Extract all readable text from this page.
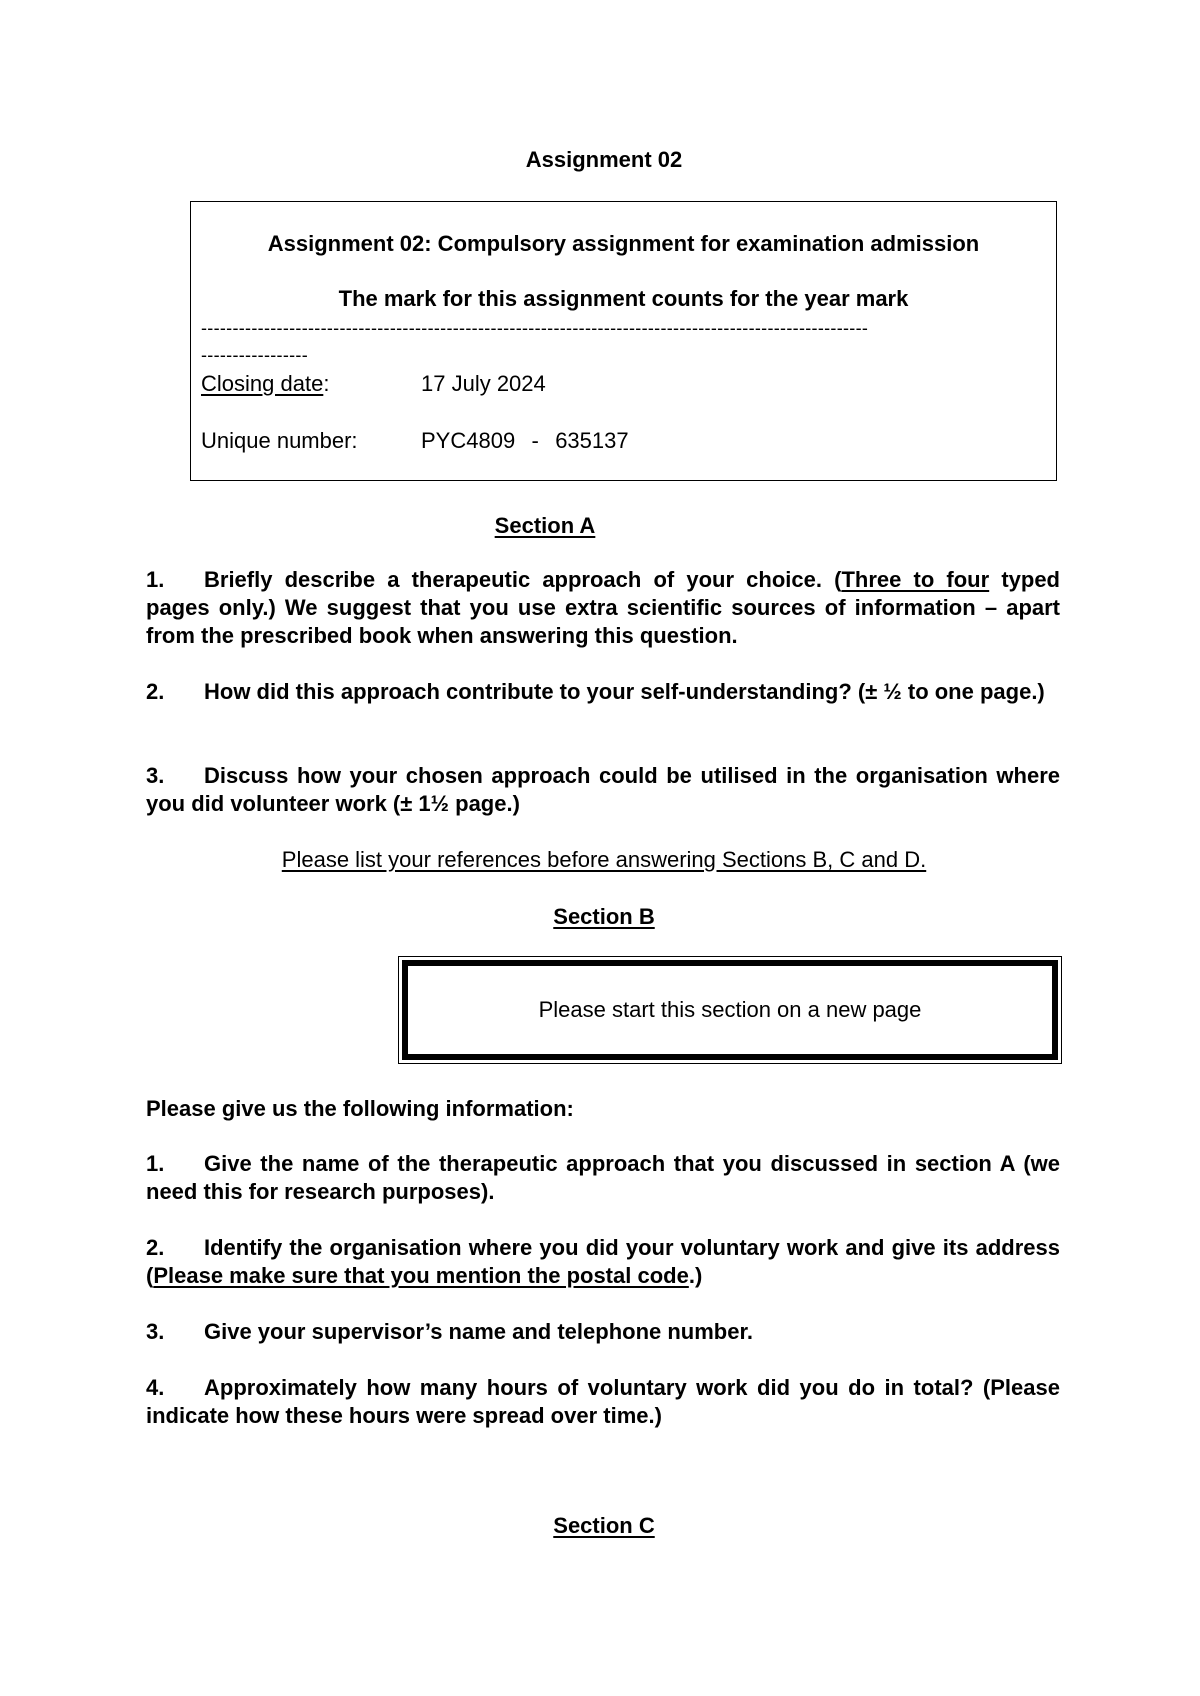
Assignment 02
Assignment 02: Compulsory assignment for examination admission
The mark for this assignment counts for the year mark
----------------------------------------------------------------------------------------------------------
-----------------
Closing date:	17 July 2024
Unique number:	PYC4809 - 635137
Section A
1. Briefly describe a therapeutic approach of your choice. (Three to four typed pages only.) We suggest that you use extra scientific sources of information – apart from the prescribed book when answering this question.
2. How did this approach contribute to your self-understanding? (± ½ to one page.)
3. Discuss how your chosen approach could be utilised in the organisation where you did volunteer work (± 1½ page.)
Please list your references before answering Sections B, C and D.
Section B
Please start this section on a new page
Please give us the following information:
1. Give the name of the therapeutic approach that you discussed in section A (we need this for research purposes).
2. Identify the organisation where you did your voluntary work and give its address (Please make sure that you mention the postal code.)
3. Give your supervisor’s name and telephone number.
4. Approximately how many hours of voluntary work did you do in total? (Please indicate how these hours were spread over time.)
Section C
